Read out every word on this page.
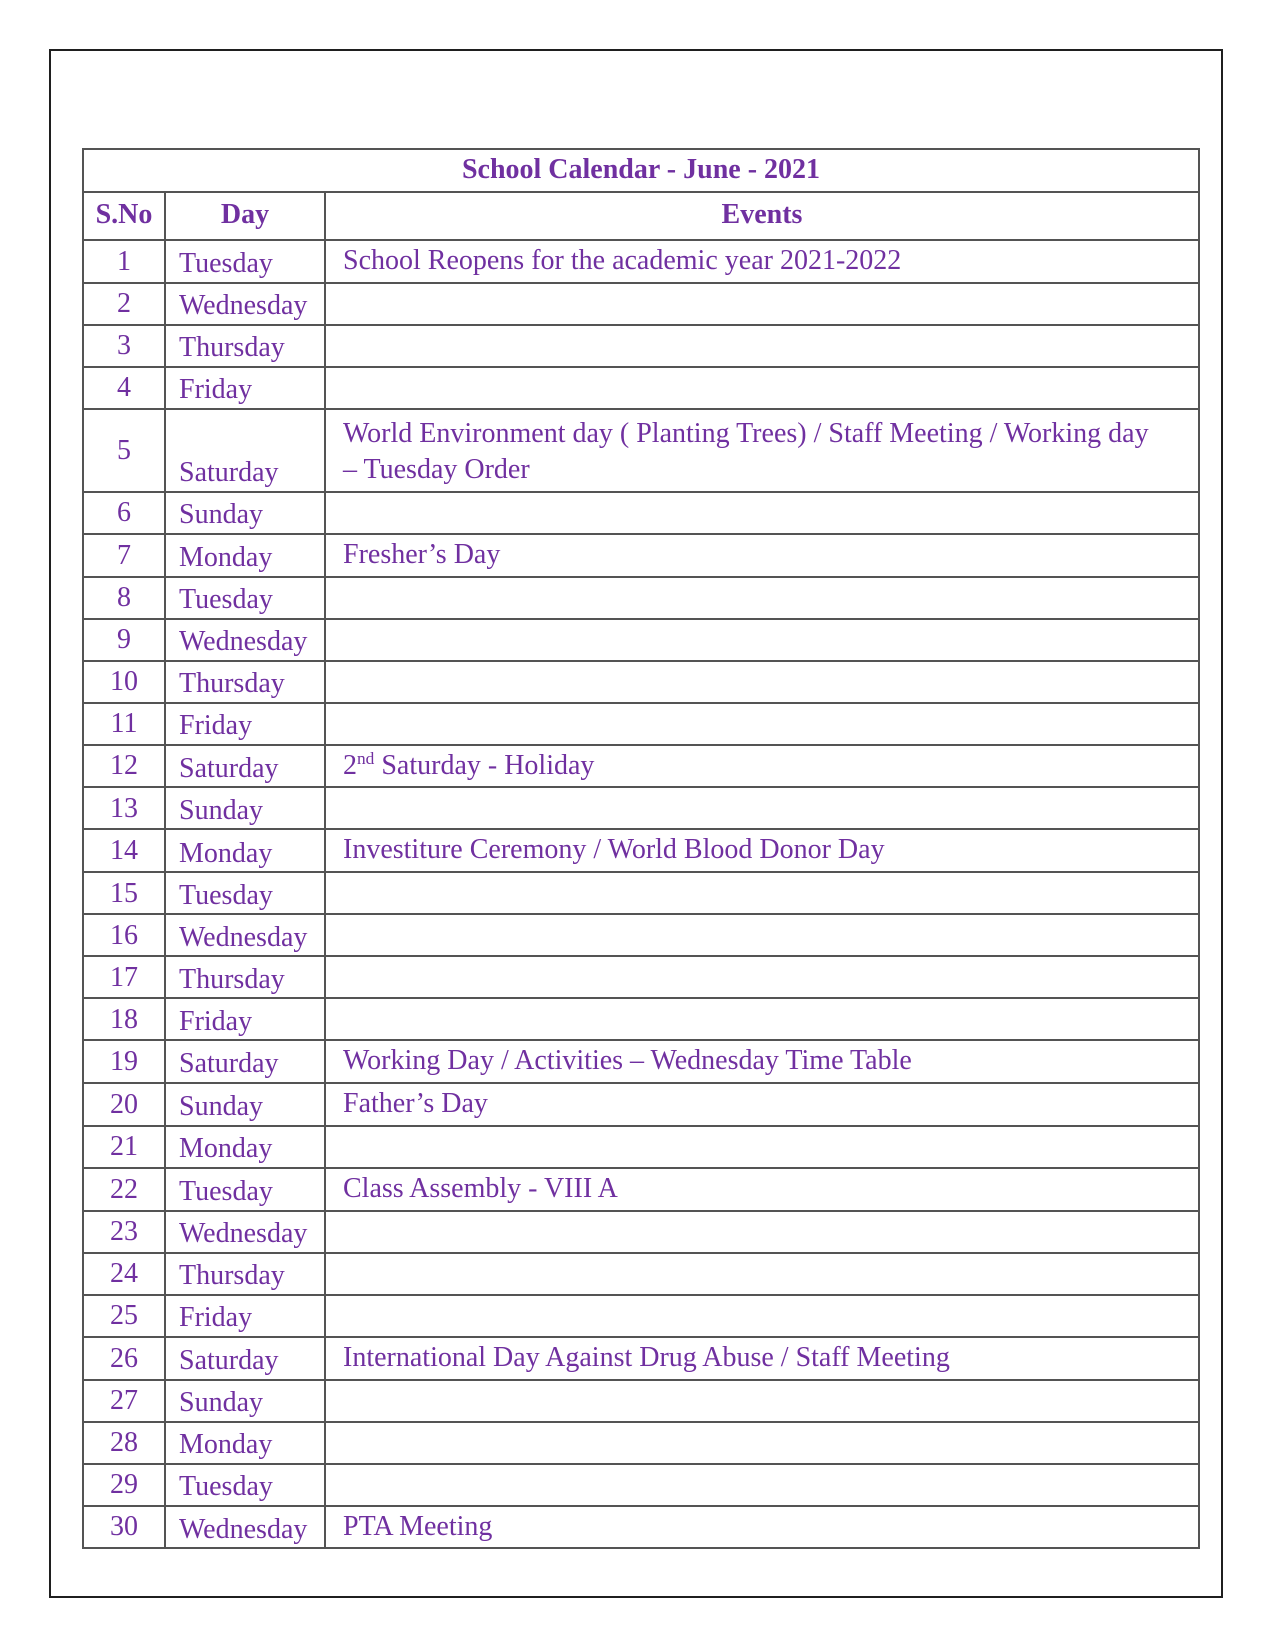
School Calendar - June - 2021		
S.No	Day	Events
1	Tuesday	School Reopens for the academic year 2021-2022
2	Wednesday	
3	Thursday	
4	Friday	
5	Saturday	World Environment day ( Planting Trees) / Staff Meeting / Working day
– Tuesday Order
6	Sunday	
7	Monday	Fresher’s Day
8	Tuesday	
9	Wednesday	
10	Thursday	
11	Friday	
12	Saturday	2nd Saturday - Holiday
13	Sunday	
14	Monday	Investiture Ceremony / World Blood Donor Day
15	Tuesday	
16	Wednesday	
17	Thursday	
18	Friday	
19	Saturday	Working Day / Activities – Wednesday Time Table
20	Sunday	Father’s Day
21	Monday	
22	Tuesday	Class Assembly - VIII A
23	Wednesday	
24	Thursday	
25	Friday	
26	Saturday	International Day Against Drug Abuse / Staff Meeting
27	Sunday	
28	Monday	
29	Tuesday	
30	Wednesday	PTA Meeting
